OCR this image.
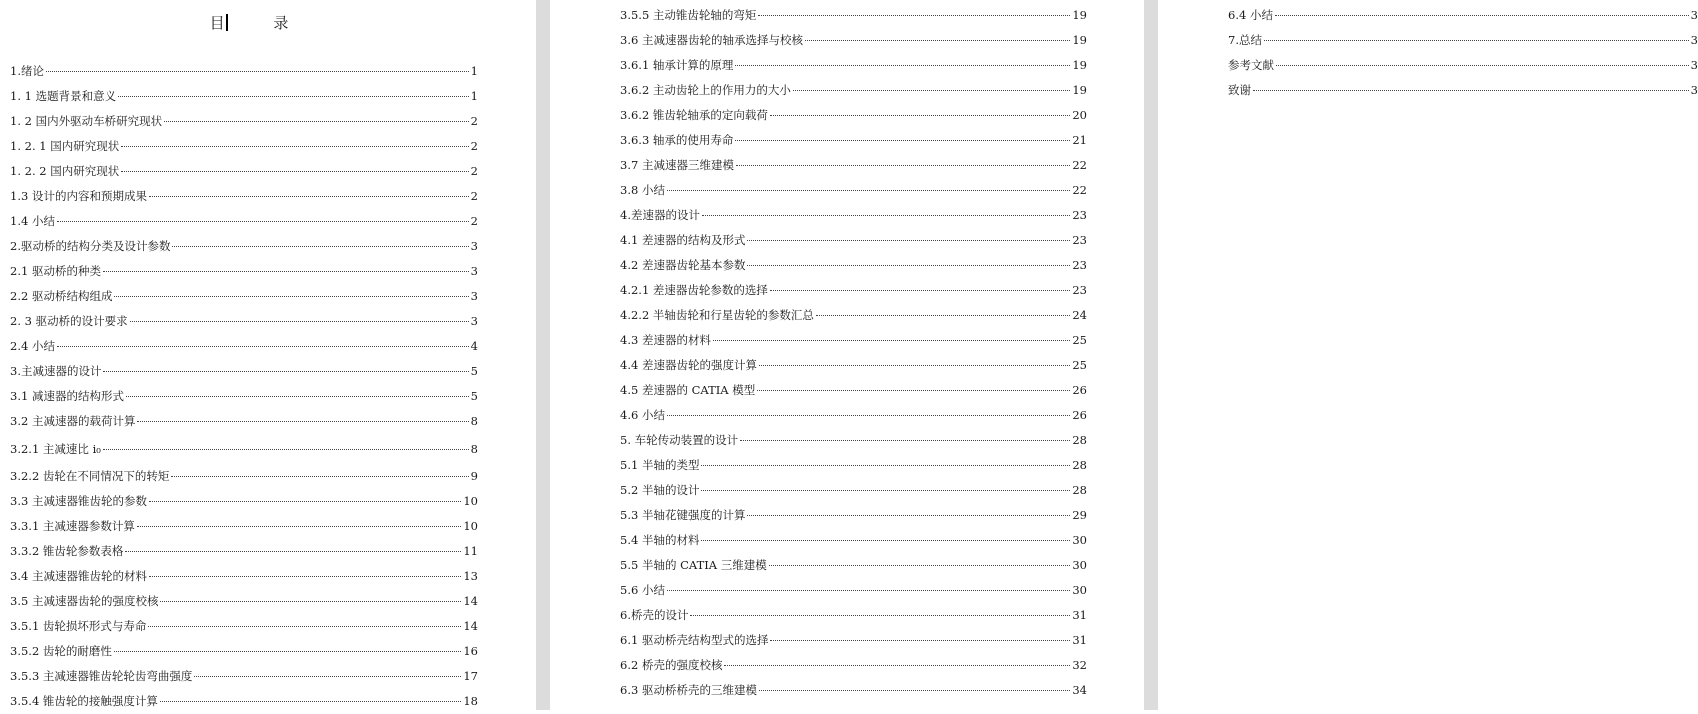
目 录
1.绪论	1
1. 1 选题背景和意义	1
1. 2 国内外驱动车桥研究现状	2
1. 2. 1 国内研究现状	2
1. 2. 2 国内研究现状	2
1.3 设计的内容和预期成果	2
1.4 小结	2
2.驱动桥的结构分类及设计参数	3
2.1 驱动桥的种类	3
2.2 驱动桥结构组成	3
2. 3 驱动桥的设计要求	3
2.4 小结	4
3.主减速器的设计	5
3.1 减速器的结构形式	5
3.2 主减速器的载荷计算	8
3.2.1 主减速比 i₀	8
3.2.2 齿轮在不同情况下的转矩	9
3.3 主减速器锥齿轮的参数	10
3.3.1 主减速器参数计算	10
3.3.2 锥齿轮参数表格	11
3.4 主减速器锥齿轮的材料	13
3.5 主减速器齿轮的强度校核	14
3.5.1 齿轮损坏形式与寿命	14
3.5.2 齿轮的耐磨性	16
3.5.3 主减速器锥齿轮轮齿弯曲强度	17
3.5.4 锥齿轮的接触强度计算	18
3.5.5 主动锥齿轮轴的弯矩	19
3.6 主减速器齿轮的轴承选择与校核	19
3.6.1 轴承计算的原理	19
3.6.2 主动齿轮上的作用力的大小	19
3.6.2 锥齿轮轴承的定向载荷	20
3.6.3 轴承的使用寿命	21
3.7 主减速器三维建模	22
3.8 小结	22
4.差速器的设计	23
4.1 差速器的结构及形式	23
4.2 差速器齿轮基本参数	23
4.2.1 差速器齿轮参数的选择	23
4.2.2 半轴齿轮和行星齿轮的参数汇总	24
4.3 差速器的材料	25
4.4 差速器齿轮的强度计算	25
4.5 差速器的 CATIA 模型	26
4.6 小结	26
5. 车轮传动装置的设计	28
5.1 半轴的类型	28
5.2 半轴的设计	28
5.3 半轴花键强度的计算	29
5.4 半轴的材料	30
5.5 半轴的 CATIA 三维建模	30
5.6 小结	30
6.桥壳的设计	31
6.1 驱动桥壳结构型式的选择	31
6.2 桥壳的强度校核	32
6.3 驱动桥桥壳的三维建模	34
6.4 小结	3
7.总结	3
参考文献	3
致谢	3
